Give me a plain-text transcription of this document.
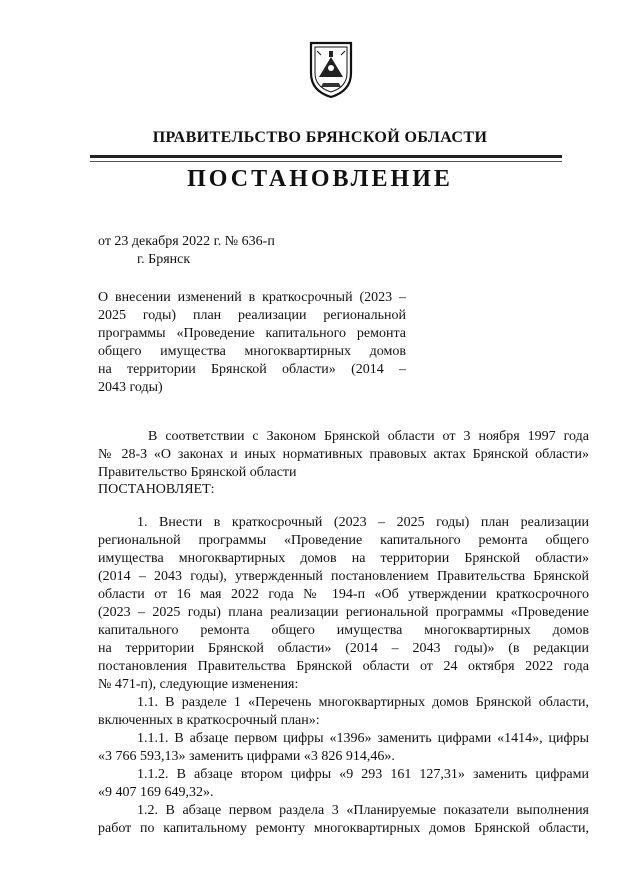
ПРАВИТЕЛЬСТВО БРЯНСКОЙ ОБЛАСТИ
ПОСТАНОВЛЕНИЕ
от 23 декабря 2022 г. № 636-п
г. Брянск
О внесении изменений в краткосрочный (2023 –
2025 годы) план реализации региональной
программы «Проведение капитального ремонта
общего имущества многоквартирных домов
на территории Брянской области» (2014 –
2043 годы)
В соответствии с Законом Брянской области от 3 ноября 1997 года
№ 28-З «О законах и иных нормативных правовых актах Брянской области»
Правительство Брянской области
ПОСТАНОВЛЯЕТ:
1. Внести в краткосрочный (2023 – 2025 годы) план реализации
региональной программы «Проведение капитального ремонта общего
имущества многоквартирных домов на территории Брянской области»
(2014 – 2043 годы), утвержденный постановлением Правительства Брянской
области от 16 мая 2022 года № 194-п «Об утверждении краткосрочного
(2023 – 2025 годы) плана реализации региональной программы «Проведение
капитального ремонта общего имущества многоквартирных домов
на территории Брянской области» (2014 – 2043 годы)» (в редакции
постановления Правительства Брянской области от 24 октября 2022 года
№ 471-п), следующие изменения:
1.1. В разделе 1 «Перечень многоквартирных домов Брянской области,
включенных в краткосрочный план»:
1.1.1. В абзаце первом цифры «1396» заменить цифрами «1414», цифры
«3 766 593,13» заменить цифрами «3 826 914,46».
1.1.2. В абзаце втором цифры «9 293 161 127,31» заменить цифрами
«9 407 169 649,32».
1.2. В абзаце первом раздела 3 «Планируемые показатели выполнения
работ по капитальному ремонту многоквартирных домов Брянской области,
